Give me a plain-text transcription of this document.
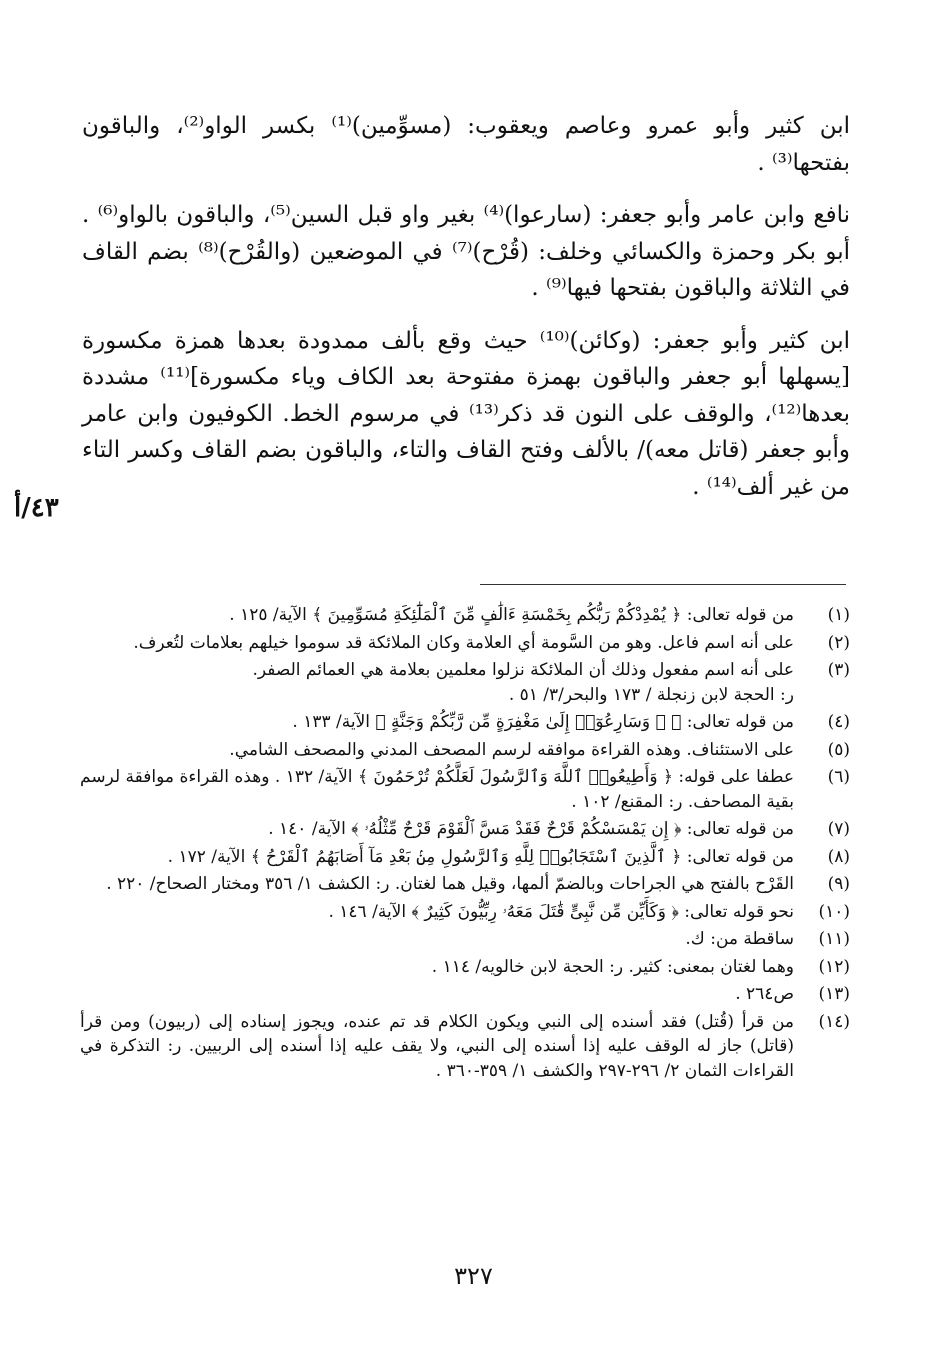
ابن كثير وأبو عمرو وعاصم ويعقوب: (مسوِّمين)⁽¹⁾ بكسر الواو⁽²⁾، والباقون بفتحها⁽³⁾ .

نافع وابن عامر وأبو جعفر: (سارعوا)⁽⁴⁾ بغير واو قبل السين⁽⁵⁾، والباقون بالواو⁽⁶⁾ . أبو بكر وحمزة والكسائي وخلف: (قُرْح)⁽⁷⁾ في الموضعين (والقُرْح)⁽⁸⁾ بضم القاف في الثلاثة والباقون بفتحها فيها⁽⁹⁾ .

ابن كثير وأبو جعفر: (وكائن)⁽¹⁰⁾ حيث وقع بألف ممدودة بعدها همزة مكسورة [يسهلها أبو جعفر والباقون بهمزة مفتوحة بعد الكاف وياء مكسورة]⁽¹¹⁾ مشددة بعدها⁽¹²⁾، والوقف على النون قد ذكر⁽¹³⁾ في مرسوم الخط. الكوفيون وابن عامر وأبو جعفر (قاتل معه)/ بالألف وفتح القاف والتاء، والباقون بضم القاف وكسر التاء من غير ألف⁽¹⁴⁾ .

٤٣/أ
(١)
من قوله تعالى: ﴿ يُمْدِدْكُمْ رَبُّكُم بِخَمْسَةِ ءَالَٰفٍ مِّنَ ٱلْمَلَٰٓئِكَةِ مُسَوِّمِينَ ﴾ الآية/ ١٢٥ .
(٢)
على أنه اسم فاعل. وهو من السَّومة أي العلامة وكان الملائكة قد سوموا خيلهم بعلامات لتُعرف.
(٣)
على أنه اسم مفعول وذلك أن الملائكة نزلوا معلمين بعلامة هي العمائم الصفر.
ر: الحجة لابن زنجلة / ١٧٣ والبحر/٣/ ٥١ .
(٤)
من قوله تعالى: ﴿ ۞ وَسَارِعُوٓا۟ إِلَىٰ مَغْفِرَةٍ مِّن رَّبِّكُمْ وَجَنَّةٍ ﴾ الآية/ ١٣٣ .
(٥)
على الاستئناف. وهذه القراءة موافقه لرسم المصحف المدني والمصحف الشامي.
(٦)
عطفا على قوله: ﴿ وَأَطِيعُوا۟ ٱللَّهَ وَٱلرَّسُولَ لَعَلَّكُمْ تُرْحَمُونَ ﴾ الآية/ ١٣٢ . وهذه القراءة موافقة لرسم بقية المصاحف. ر: المقنع/ ١٠٢ .
(٧)
من قوله تعالى: ﴿ إِن يَمْسَسْكُمْ قَرْحٌ فَقَدْ مَسَّ ٱلْقَوْمَ قَرْحٌ مِّثْلُهُۥ ﴾ الآية/ ١٤٠ .
(٨)
من قوله تعالى: ﴿ ٱلَّذِينَ ٱسْتَجَابُوا۟ لِلَّهِ وَٱلرَّسُولِ مِنۢ بَعْدِ مَآ أَصَابَهُمُ ٱلْقَرْحُ ﴾ الآية/ ١٧٢ .
(٩)
القَرْح بالفتح هي الجراحات وبالضمّ ألمها، وقيل هما لغتان. ر: الكشف ١/ ٣٥٦ ومختار الصحاح/ ٢٢٠ .
(١٠)
نحو قوله تعالى: ﴿ وَكَأَيِّن مِّن نَّبِىٍّ قَٰتَلَ مَعَهُۥ رِبِّيُّونَ كَثِيرٌ ﴾ الآية/ ١٤٦ .
(١١)
ساقطة من: ك.
(١٢)
وهما لغتان بمعنى: كثير. ر: الحجة لابن خالويه/ ١١٤ .
(١٣)
ص٢٦٤ .
(١٤)
من قرأ (قُتل) فقد أسنده إلى النبي ويكون الكلام قد تم عنده، ويجوز إسناده إلى (ربيون) ومن قرأ (قاتل) جاز له الوقف عليه إذا أسنده إلى النبي، ولا يقف عليه إذا أسنده إلى الربيين. ر: التذكرة في القراءات الثمان ٢/ ٢٩٦-٢٩٧ والكشف ١/ ٣٥٩-٣٦٠ .
٣٢٧
